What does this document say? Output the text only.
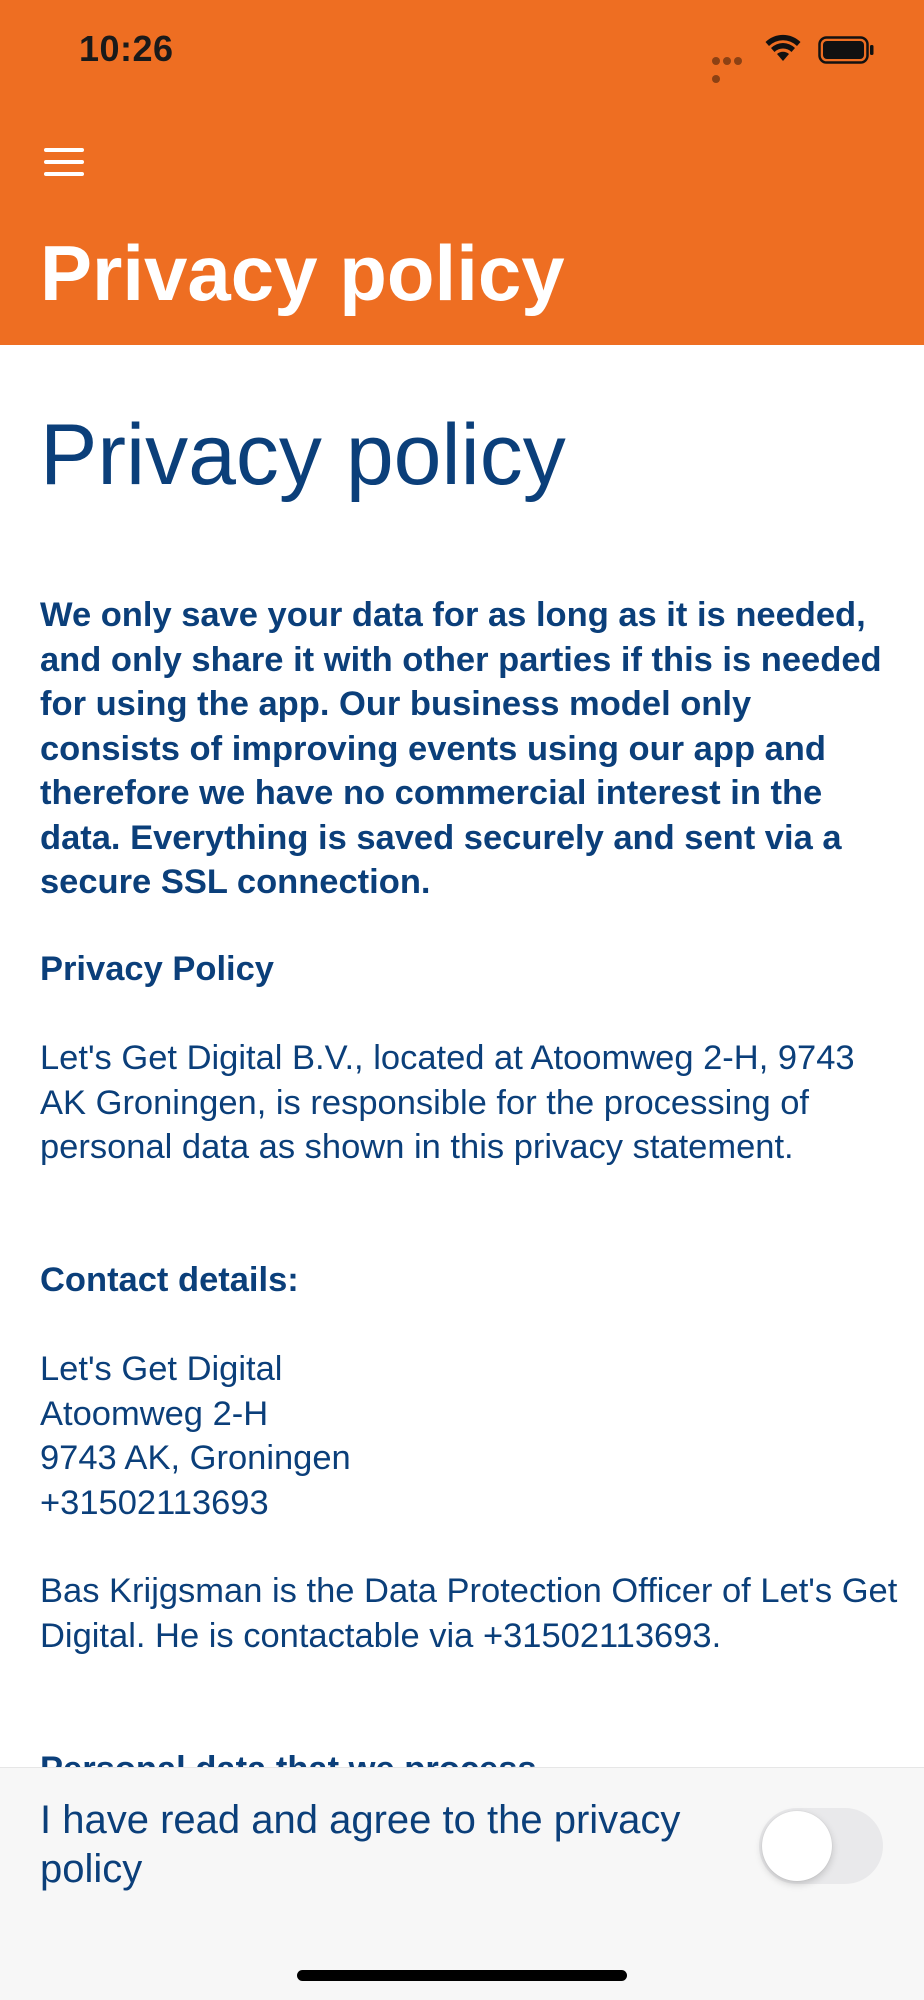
10:26
Privacy policy
Privacy policy
We only save your data for as long as it is needed, and only share it with other parties if this is needed for using the app. Our business model only consists of improving events using our app and therefore we have no commercial interest in the data. Everything is saved securely and sent via a secure SSL connection.
Privacy Policy
Let's Get Digital B.V., located at Atoomweg 2-H, 9743 AK Groningen, is responsible for the processing of personal data as shown in this privacy statement.
Contact details:
Let's Get Digital
Atoomweg 2-H
9743 AK, Groningen
+31502113693
Bas Krijgsman is the Data Protection Officer of Let's Get Digital. He is contactable via +31502113693.
I have read and agree to the privacy policy
